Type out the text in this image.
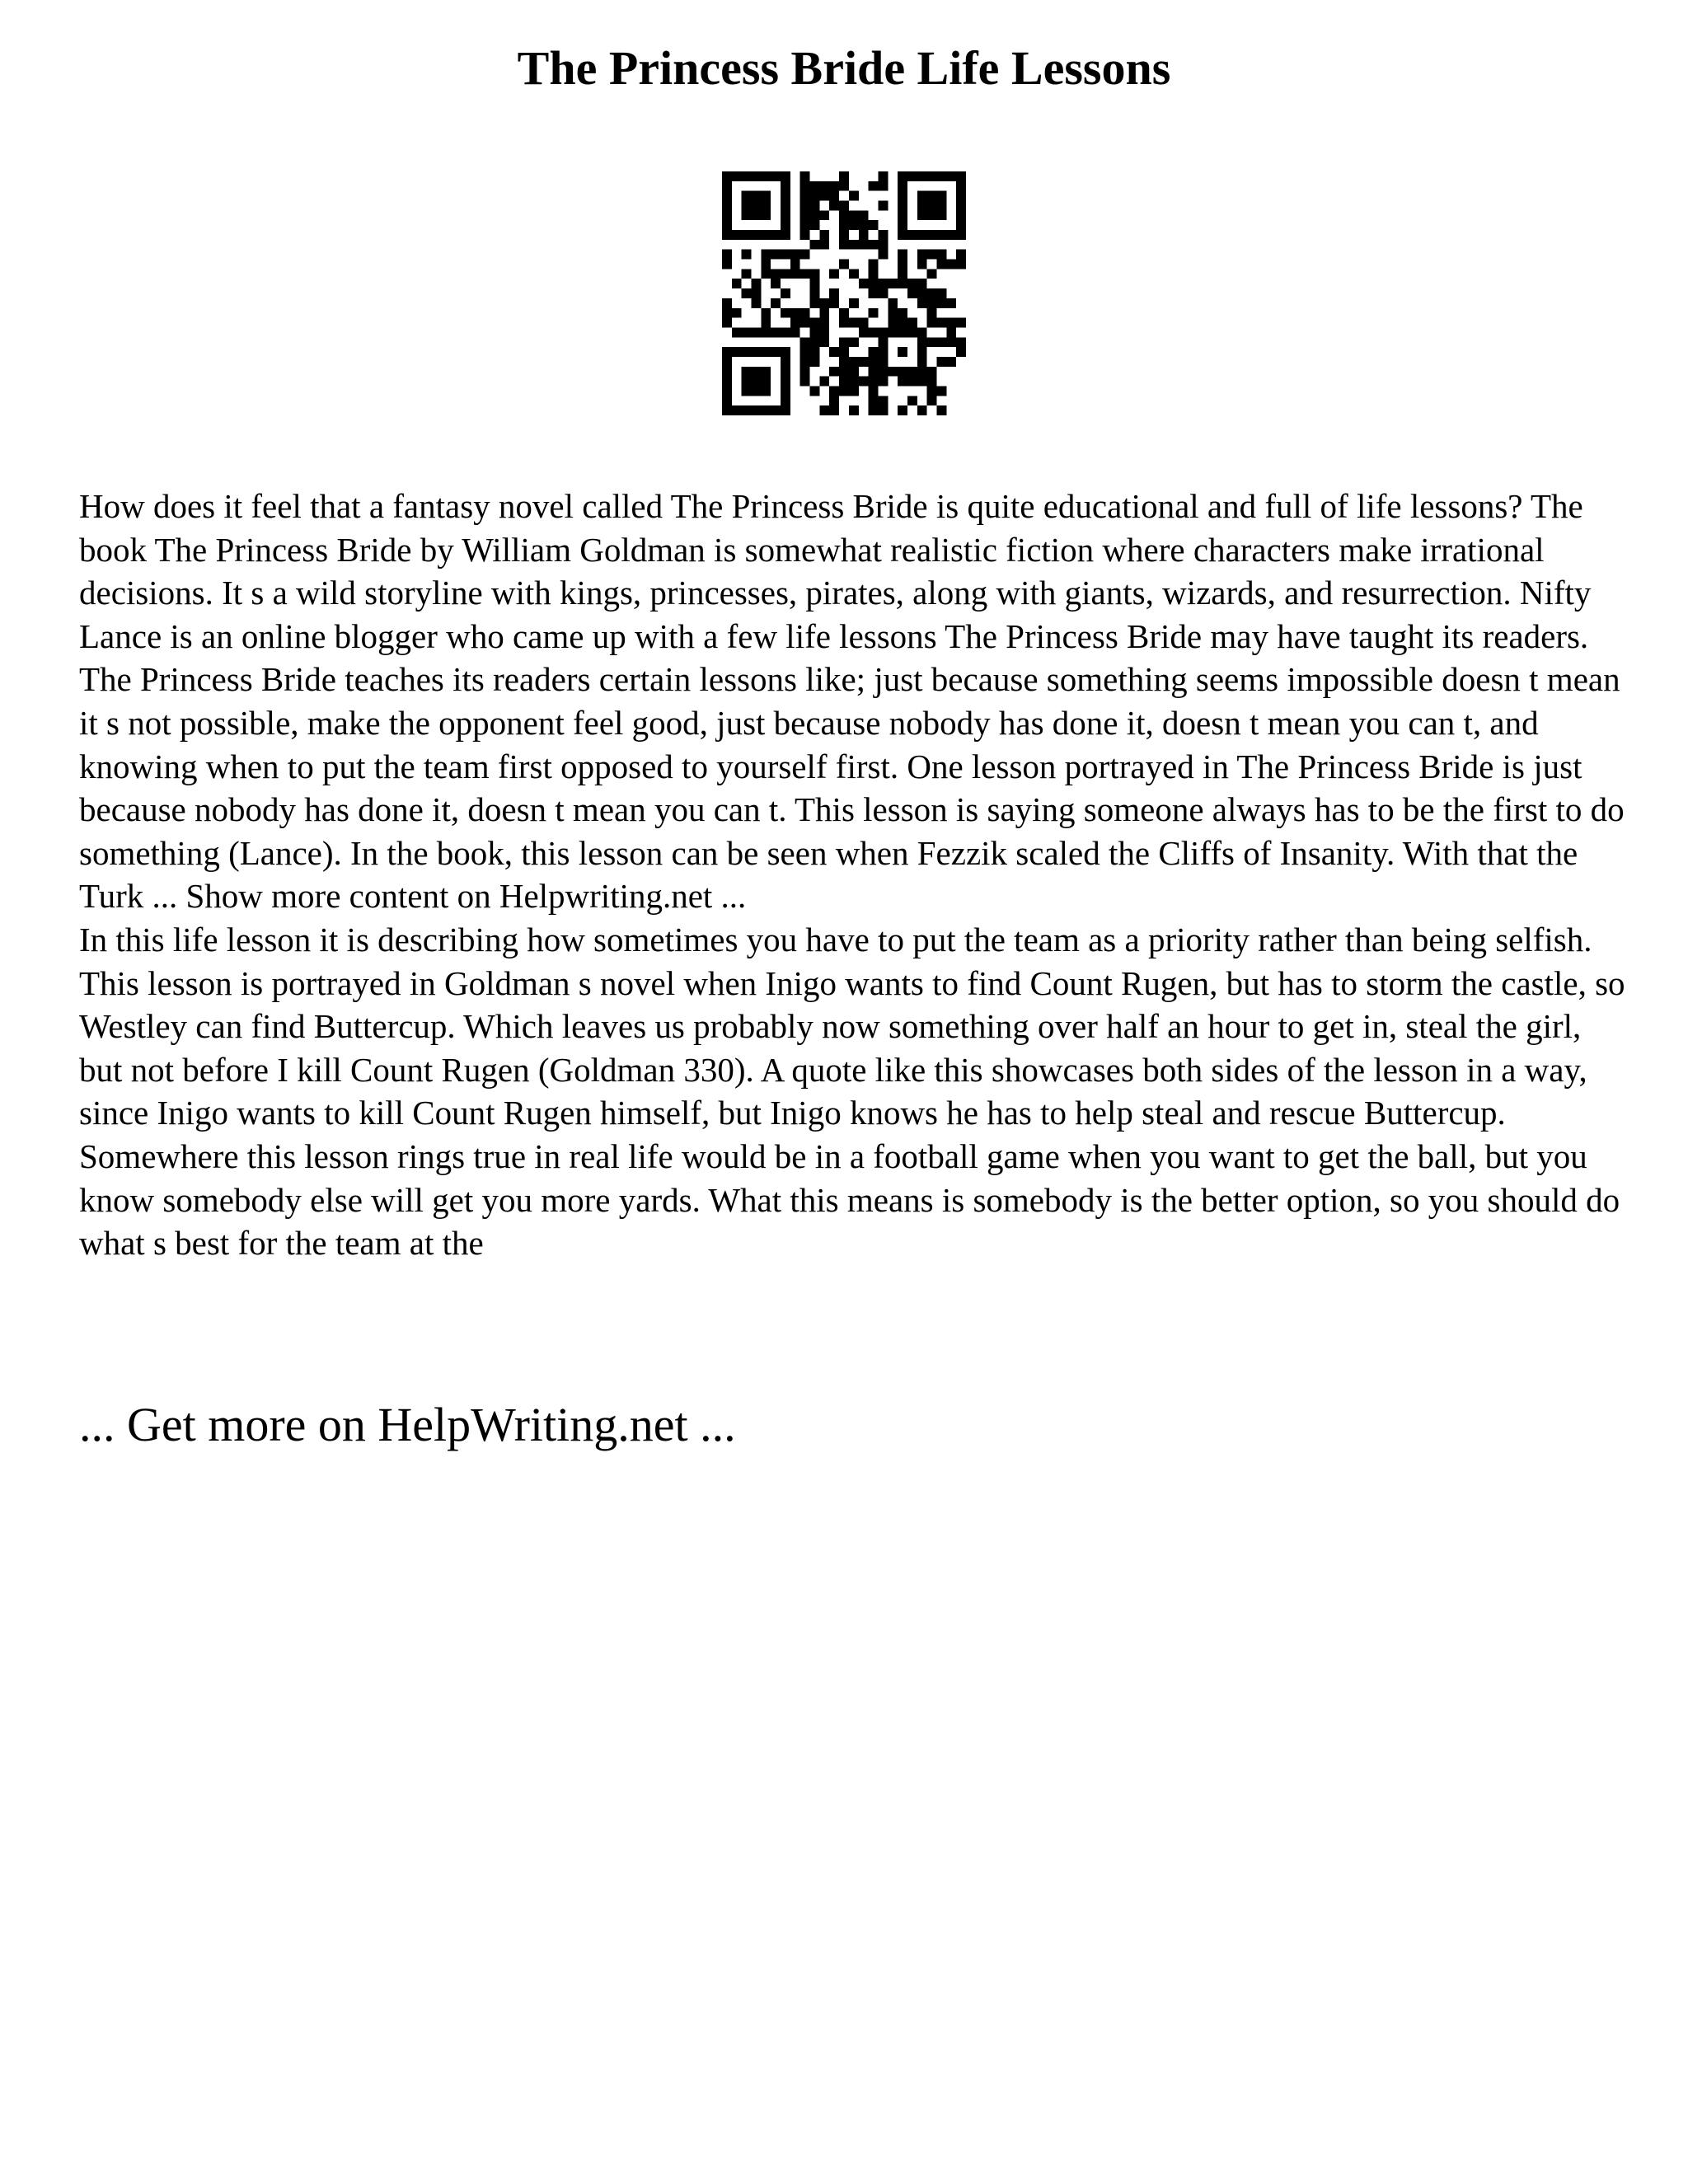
The Princess Bride Life Lessons

How does it feel that a fantasy novel called The Princess Bride is quite educational and full of life lessons? The book The Princess Bride by William Goldman is somewhat realistic fiction where characters make irrational decisions. It s a wild storyline with kings, princesses, pirates, along with giants, wizards, and resurrection. Nifty Lance is an online blogger who came up with a few life lessons The Princess Bride may have taught its readers. The Princess Bride teaches its readers certain lessons like; just because something seems impossible doesn t mean it s not possible, make the opponent feel good, just because nobody has done it, doesn t mean you can t, and knowing when to put the team first opposed to yourself first. One lesson portrayed in The Princess Bride is just because nobody has done it, doesn t mean you can t. This lesson is saying someone always has to be the first to do something (Lance). In the book, this lesson can be seen when Fezzik scaled the Cliffs of Insanity. With that the Turk ... Show more content on Helpwriting.net ...

In this life lesson it is describing how sometimes you have to put the team as a priority rather than being selfish. This lesson is portrayed in Goldman s novel when Inigo wants to find Count Rugen, but has to storm the castle, so Westley can find Buttercup. Which leaves us probably now something over half an hour to get in, steal the girl, but not before I kill Count Rugen (Goldman 330). A quote like this showcases both sides of the lesson in a way, since Inigo wants to kill Count Rugen himself, but Inigo knows he has to help steal and rescue Buttercup. Somewhere this lesson rings true in real life would be in a football game when you want to get the ball, but you know somebody else will get you more yards. What this means is somebody is the better option, so you should do what s best for the team at the

... Get more on HelpWriting.net ...
